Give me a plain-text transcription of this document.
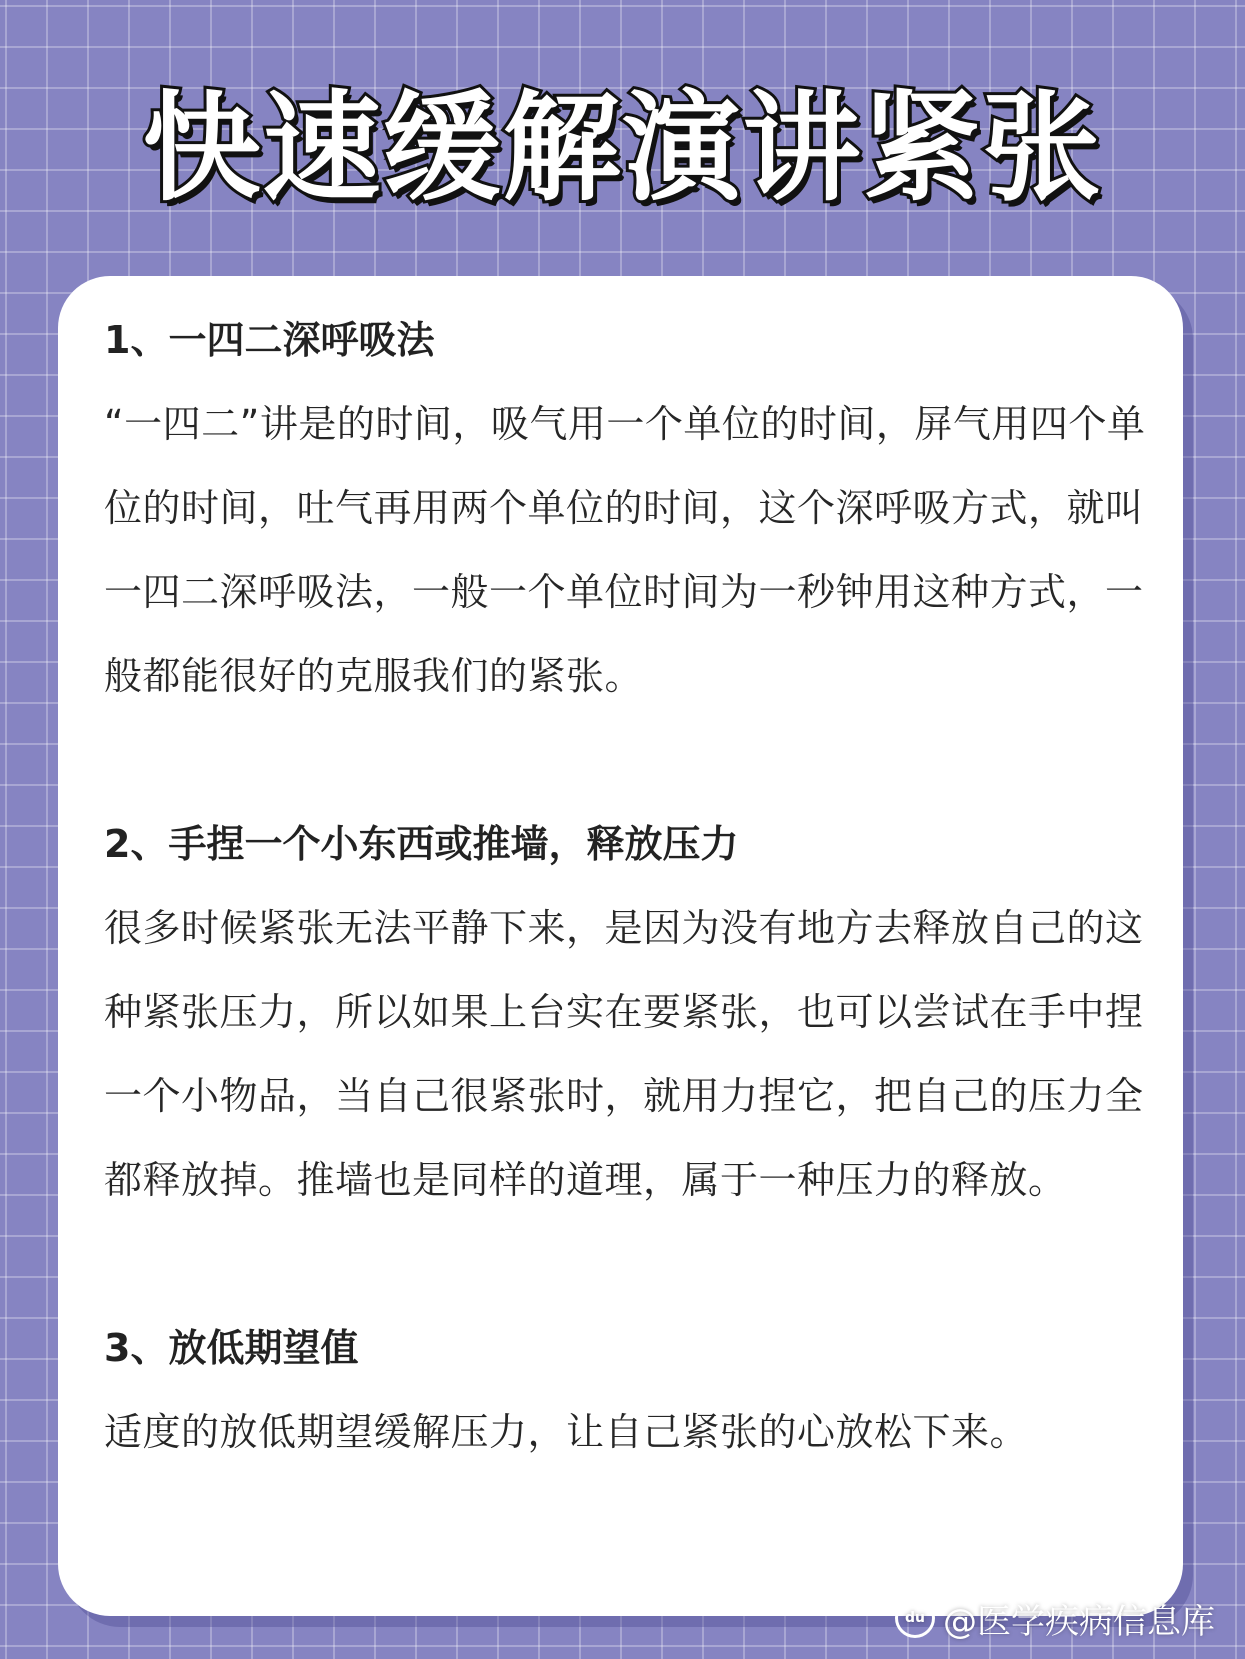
快速缓解演讲紧张
1、一四二深呼吸法
“一四二”讲是的时间，吸气用一个单位的时间，屏气用四个单位的时间，吐气再用两个单位的时间，这个深呼吸方式，就叫一四二深呼吸法，一般一个单位时间为一秒钟用这种方式，一般都能很好的克服我们的紧张。
2、手捏一个小东西或推墙，释放压力
很多时候紧张无法平静下来，是因为没有地方去释放自己的这种紧张压力，所以如果上台实在要紧张，也可以尝试在手中捏一个小物品，当自己很紧张时，就用力捏它，把自己的压力全都释放掉。推墙也是同样的道理，属于一种压力的释放。
3、放低期望值
适度的放低期望缓解压力，让自己紧张的心放松下来。
du @医学疾病信息库
